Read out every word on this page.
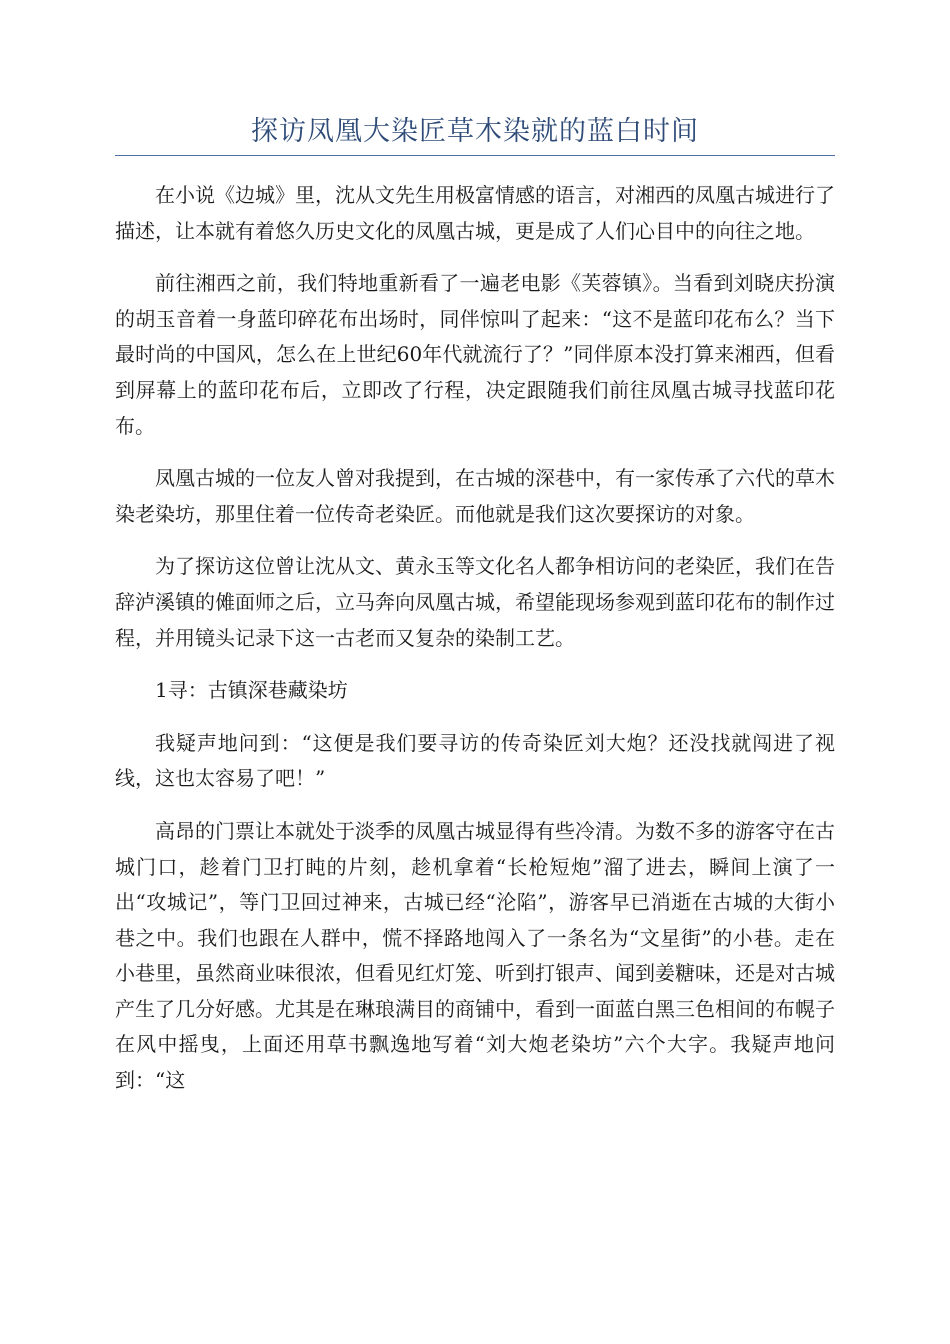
探访凤凰大染匠草木染就的蓝白时间

在小说《边城》里，沈从文先生用极富情感的语言，对湘西的凤凰古城进行了描述，让本就有着悠久历史文化的凤凰古城，更是成了人们心目中的向往之地。

前往湘西之前，我们特地重新看了一遍老电影《芙蓉镇》。当看到刘晓庆扮演的胡玉音着一身蓝印碎花布出场时，同伴惊叫了起来：“这不是蓝印花布么？当下最时尚的中国风，怎么在上世纪60年代就流行了？”同伴原本没打算来湘西，但看到屏幕上的蓝印花布后，立即改了行程，决定跟随我们前往凤凰古城寻找蓝印花布。

凤凰古城的一位友人曾对我提到，在古城的深巷中，有一家传承了六代的草木染老染坊，那里住着一位传奇老染匠。而他就是我们这次要探访的对象。

为了探访这位曾让沈从文、黄永玉等文化名人都争相访问的老染匠，我们在告辞泸溪镇的傩面师之后，立马奔向凤凰古城，希望能现场参观到蓝印花布的制作过程，并用镜头记录下这一古老而又复杂的染制工艺。

1寻：古镇深巷藏染坊

我疑声地问到：“这便是我们要寻访的传奇染匠刘大炮？还没找就闯进了视线，这也太容易了吧！”

高昂的门票让本就处于淡季的凤凰古城显得有些冷清。为数不多的游客守在古城门口，趁着门卫打盹的片刻，趁机拿着“长枪短炮”溜了进去，瞬间上演了一出“攻城记”，等门卫回过神来，古城已经“沦陷”，游客早已消逝在古城的大街小巷之中。我们也跟在人群中，慌不择路地闯入了一条名为“文星街”的小巷。走在小巷里，虽然商业味很浓，但看见红灯笼、听到打银声、闻到姜糖味，还是对古城产生了几分好感。尤其是在琳琅满目的商铺中，看到一面蓝白黑三色相间的布幌子在风中摇曳，上面还用草书飘逸地写着“刘大炮老染坊”六个大字。我疑声地问到：“这
